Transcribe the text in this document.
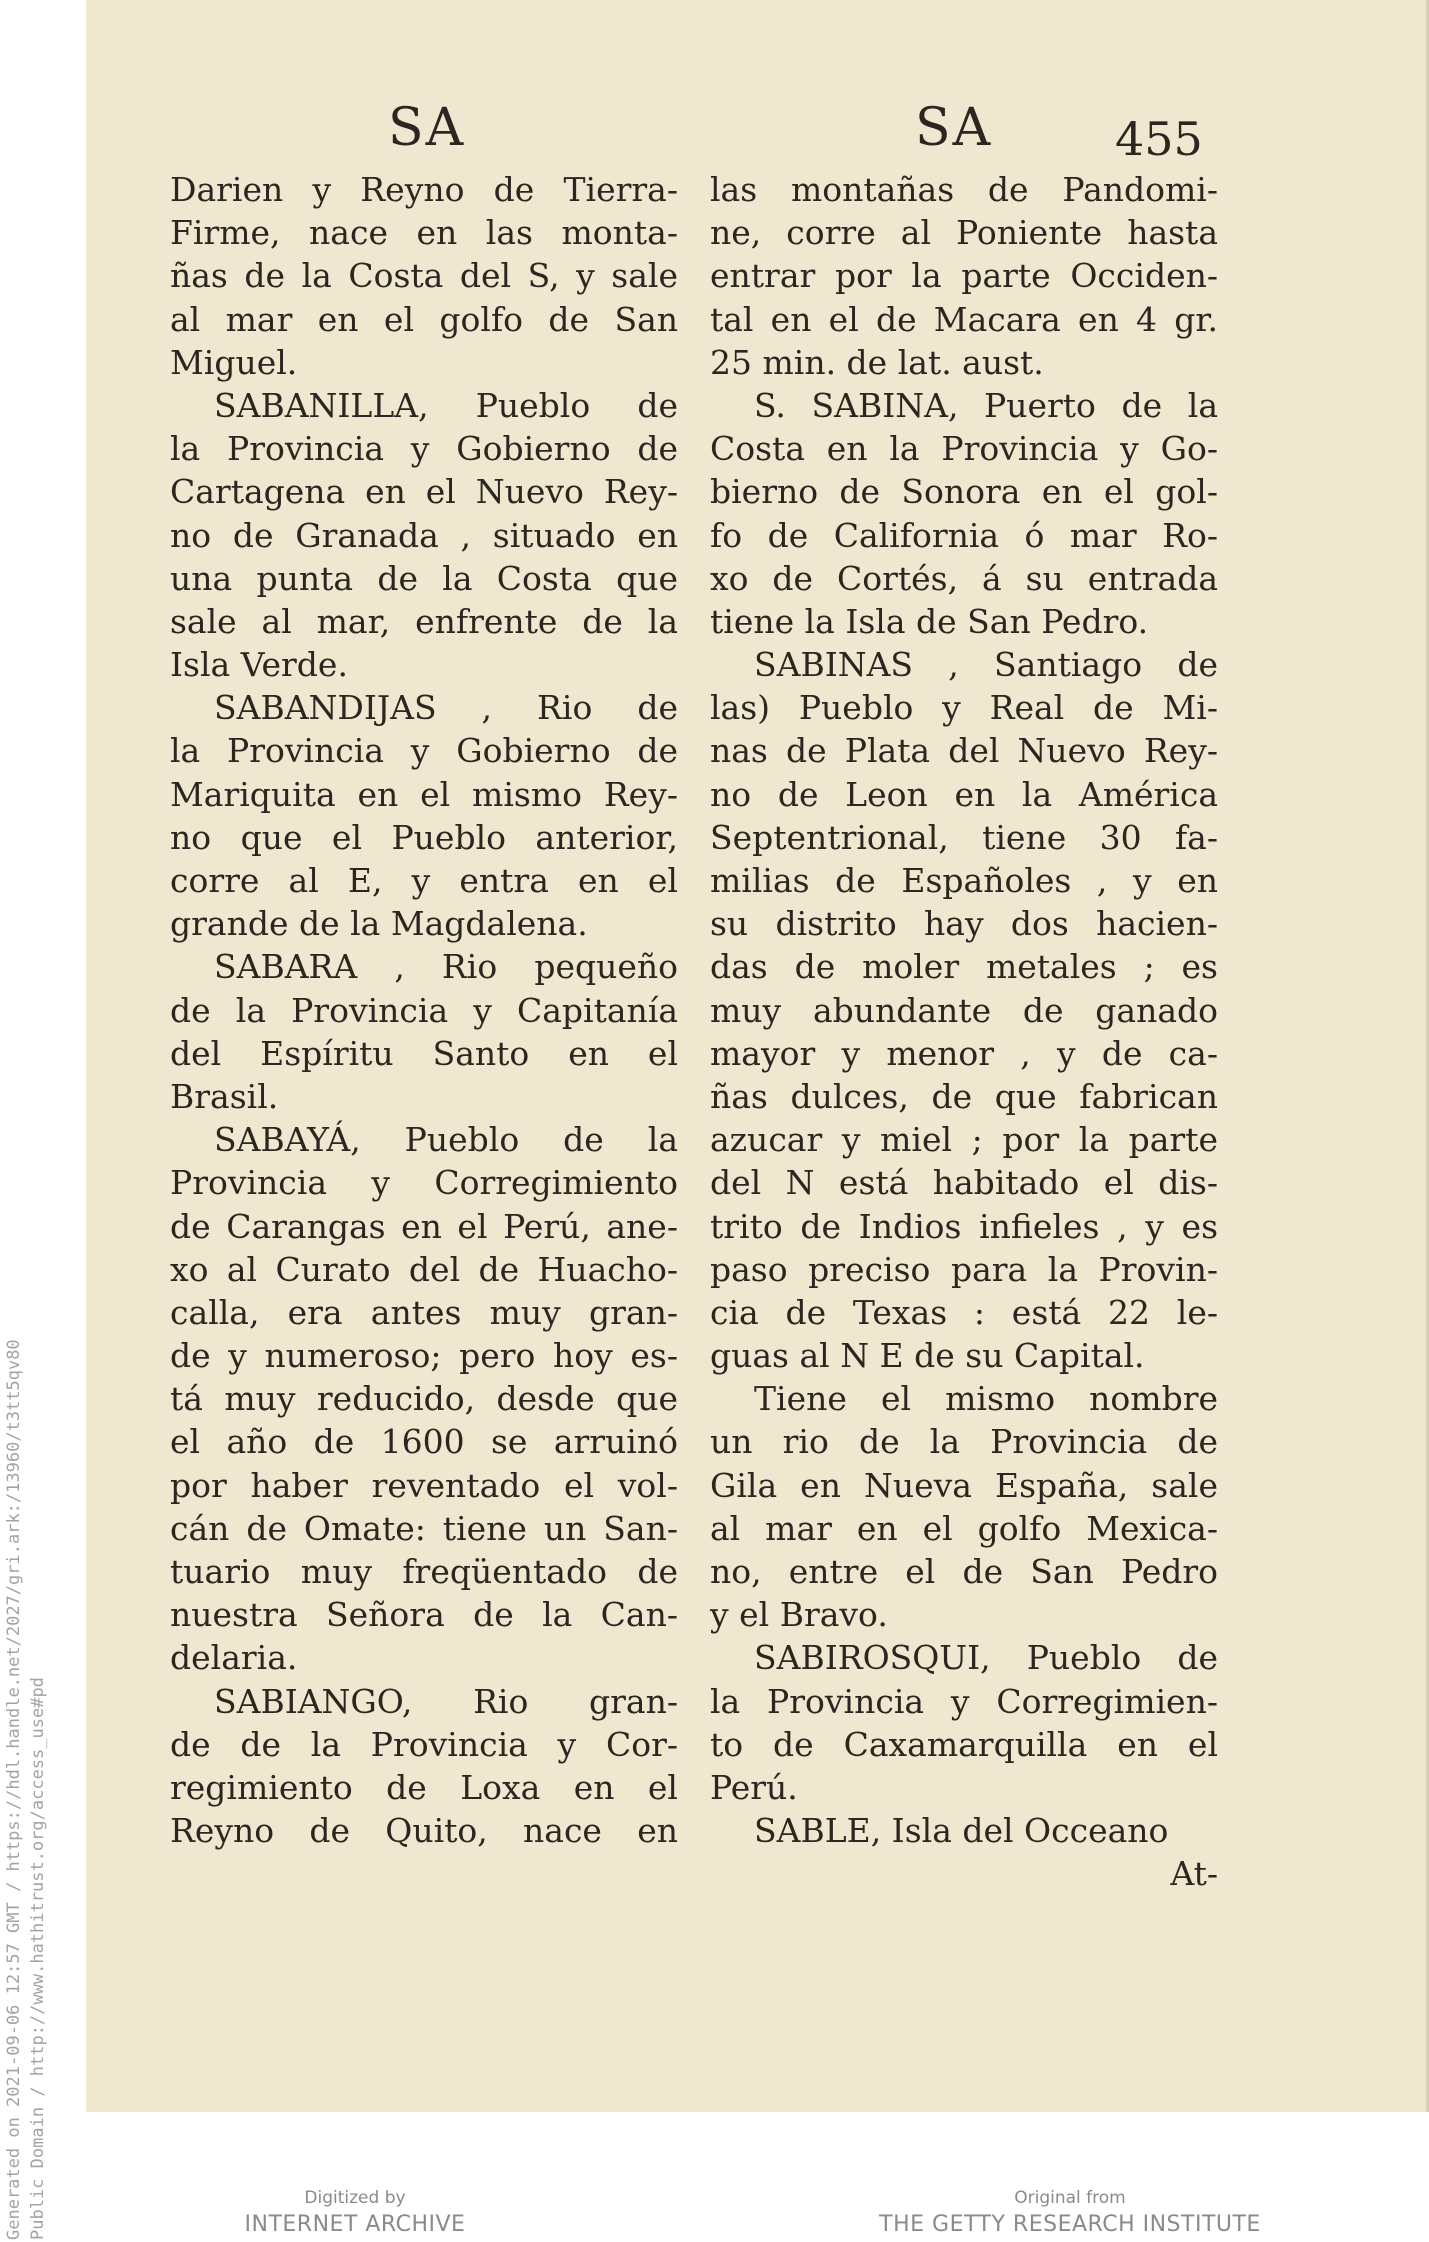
SA
Darien y Reyno de Tierra-
Firme, nace en las monta-
ñas de la Costa del S, y sale
al mar en el golfo de San
Miguel.
SABANILLA, Pueblo de
la Provincia y Gobierno de
Cartagena en el Nuevo Rey-
no de Granada , situado en
una punta de la Costa que
sale al mar, enfrente de la
Isla Verde.
SABANDIJAS , Rio de
la Provincia y Gobierno de
Mariquita en el mismo Rey-
no que el Pueblo anterior,
corre al E, y entra en el
grande de la Magdalena.
SABARA , Rio pequeño
de la Provincia y Capitanía
del Espíritu Santo en el
Brasil.
SABAYÁ, Pueblo de la
Provincia y Corregimiento
de Carangas en el Perú, ane-
xo al Curato del de Huacho-
calla, era antes muy gran-
de y numeroso; pero hoy es-
tá muy reducido, desde que
el año de 1600 se arruinó
por haber reventado el vol-
cán de Omate: tiene un San-
tuario muy freqüentado de
nuestra Señora de la Can-
delaria.
SABIANGO, Rio gran-
de de la Provincia y Cor-
regimiento de Loxa en el
Reyno de Quito, nace en
SA	455
las montañas de Pandomi-
ne, corre al Poniente hasta
entrar por la parte Occiden-
tal en el de Macara en 4 gr.
25 min. de lat. aust.
S. SABINA, Puerto de la
Costa en la Provincia y Go-
bierno de Sonora en el gol-
fo de California ó mar Ro-
xo de Cortés, á su entrada
tiene la Isla de San Pedro.
SABINAS , Santiago de
las) Pueblo y Real de Mi-
nas de Plata del Nuevo Rey-
no de Leon en la América
Septentrional, tiene 30 fa-
milias de Españoles , y en
su distrito hay dos hacien-
das de moler metales ; es
muy abundante de ganado
mayor y menor , y de ca-
ñas dulces, de que fabrican
azucar y miel ; por la parte
del N está habitado el dis-
trito de Indios infieles , y es
paso preciso para la Provin-
cia de Texas : está 22 le-
guas al N E de su Capital.
Tiene el mismo nombre
un rio de la Provincia de
Gila en Nueva España, sale
al mar en el golfo Mexica-
no, entre el de San Pedro
y el Bravo.
SABIROSQUI, Pueblo de
la Provincia y Corregimien-
to de Caxamarquilla en el
Perú.
SABLE, Isla del Occeano
At-
Generated on 2021-09-06 12:57 GMT / https://hdl.handle.net/2027/gri.ark:/13960/t3tt5qv80 Public Domain / http://www.hathitrust.org/access_use#pd	Digitized by
INTERNET ARCHIVE
Original from
THE GETTY RESEARCH INSTITUTE
